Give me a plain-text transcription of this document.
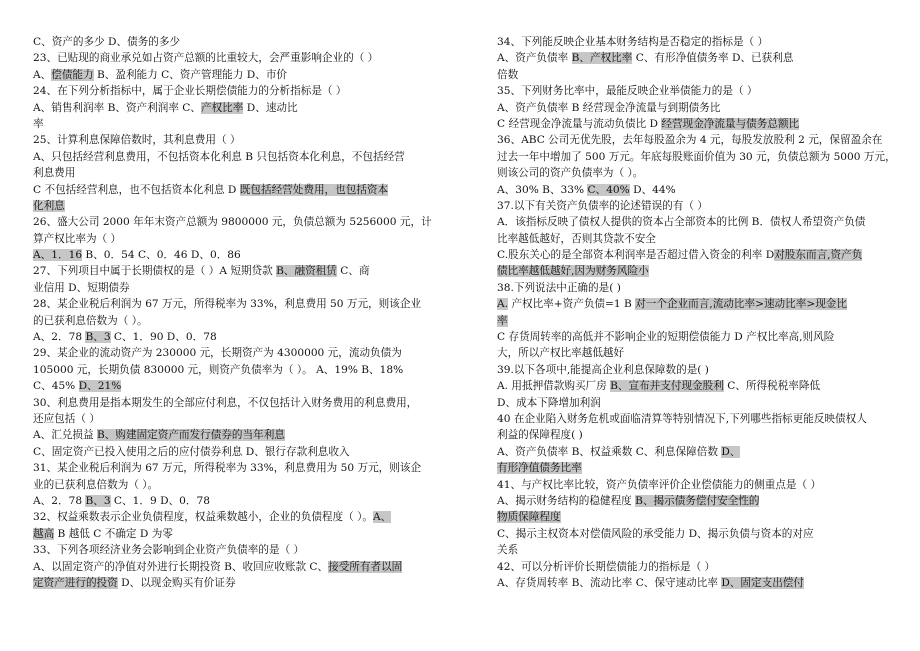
C、资产的多少 D、债务的多少
23、已贴现的商业承兑如占资产总额的比重较大，会严重影响企业的（ ）
A、偿债能力 B、盈利能力 C、资产管理能力 D、市价
24、在下列分析指标中，属于企业长期偿债能力的分析指标是（ ）
A、销售利润率 B、资产利润率 C、产权比率 D、速动比
率
25、计算利息保障倍数时，其利息费用（ ）
A、只包括经营利息费用，不包括资本化利息 B 只包括资本化利息，不包括经营
利息费用
C 不包括经营利息，也不包括资本化利息 D 既包括经营处费用，也包括资本
化利息
26、盛大公司 2000 年年末资产总额为 9800000 元，负债总额为 5256000 元，计
算产权比率为（ ）
A、1．16 B、0．54 C、0．46 D、0．86
27、下列项目中属于长期债权的是（ ）A 短期贷款 B、融资租赁 C、商
业信用 D、短期债券
28、某企业税后利润为 67 万元，所得税率为 33%，利息费用 50 万元，则该企业
的已获利息倍数为（ ）。
A、2．78 B、3 C、1．90 D、0．78
29、某企业的流动资产为 230000 元，长期资产为 4300000 元，流动负债为
105000 元，长期负债 830000 元，则资产负债率为（ ）。 A、19% B、18%
C、45% D、21%
30、利息费用是指本期发生的全部应付利息，不仅包括计入财务费用的利息费用，
还应包括（ ）
A、汇兑损益 B、购建固定资产而发行债券的当年利息
C、固定资产已投入使用之后的应付债券利息 D、银行存款利息收入
31、某企业税后利润为 67 万元，所得税率为 33%，利息费用为 50 万元，则该企
业的已获利息倍数为（ ）。
A、2．78 B、3 C、1．9 D、0．78
32、权益乘数表示企业负债程度，权益乘数越小，企业的负债程度（ ）。A、
越高 B 越低 C 不确定 D 为零
33、下列各项经济业务会影响到企业资产负债率的是（ ）
A、以固定资产的净值对外进行长期投资 B、收回应收账款 C、接受所有者以固
定资产进行的投资 D、以现金购买有价证券
34、下列能反映企业基本财务结构是否稳定的指标是（ ）
A、资产负债率 B、产权比率 C、有形净值债务率 D、已获利息
倍数
35、下列财务比率中，最能反映企业举债能力的是（ ）
A、资产负债率 B 经营现金净流量与到期债务比
C 经营现金净流量与流动负债比 D 经营现金净流量与债务总额比
36、ABC 公司无优先股，去年每股盈余为 4 元，每股发放股利 2 元，保留盈余在
过去一年中增加了 500 万元。年底每股账面价值为 30 元，负债总额为 5000 万元，
则该公司的资产负债率为（ ）。
A、30% B、33% C、40% D、44%
37.以下有关资产负债率的论述错误的有（ ）
A．该指标反映了债权人提供的资本占全部资本的比例 B．债权人希望资产负债
比率越低越好，否则其贷款不安全
C.股东关心的是全部资本利润率是否超过借入资金的利率 D对股东而言,资产负
债比率越低越好,因为财务风险小
38.下列说法中正确的是( )
A. 产权比率+资产负债=1 B 对一个企业而言,流动比率>速动比率>现金比
率
C 存货周转率的高低并不影响企业的短期偿债能力 D 产权比率高,则风险
大，所以产权比率越低越好
39.以下各项中,能提高企业利息保障数的是( )
A. 用抵押借款购买厂房 B、宣布并支付现金股利 C、所得税税率降低
D、成本下降增加利润
40 在企业陷入财务危机或面临清算等特别情况下,下列哪些指标更能反映债权人
利益的保障程度( )
A、资产负债率 B、权益乘数 C、利息保障倍数 D、
有形净值债务比率
41、与产权比率比较，资产负债率评价企业偿债能力的侧重点是（ ）
A、揭示财务结构的稳健程度 B、揭示债务偿付安全性的
物质保障程度
C、揭示主权资本对偿债风险的承受能力 D、揭示负债与资本的对应
关系
42、可以分析评价长期偿债能力的指标是（ ）
A、存货周转率 B、流动比率 C、保守速动比率 D、固定支出偿付
